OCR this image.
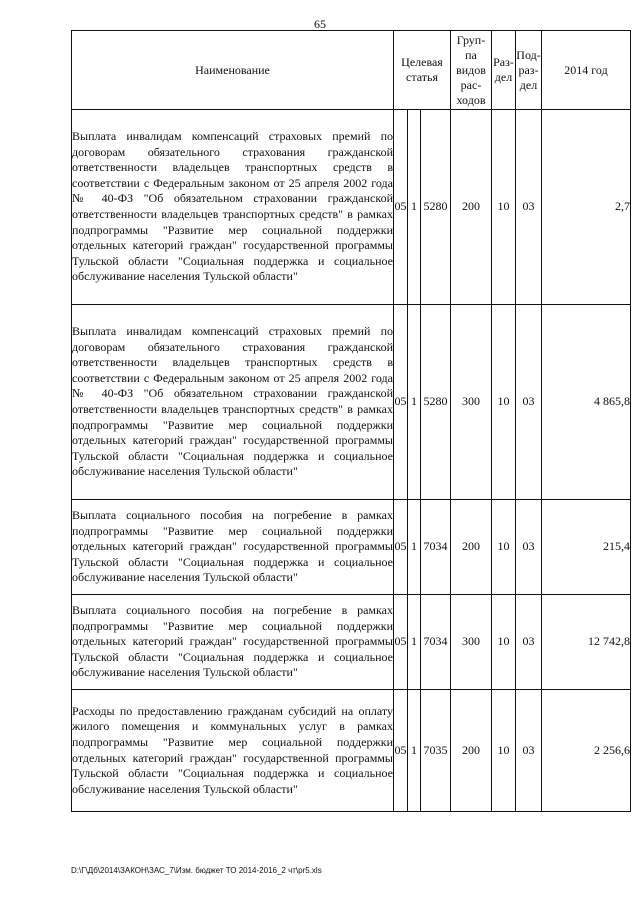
65
Наименование	Целевая статья			Груп-па видов рас-ходов	Раз-дел	Под-раз-дел	2014 год
Выплата инвалидам компенсаций страховых премий по договорам обязательного страхования гражданской ответственности владельцев транспортных средств в соответствии с Федеральным законом от 25 апреля 2002 года № 40-ФЗ "Об обязательном страховании гражданской ответственности владельцев транспортных средств" в рамках подпрограммы "Развитие мер социальной поддержки отдельных категорий граждан" государственной программы Тульской области "Социальная поддержка и социальное обслуживание населения Тульской области"	05	1	5280	200	10	03	2,7
Выплата инвалидам компенсаций страховых премий по договорам обязательного страхования гражданской ответственности владельцев транспортных средств в соответствии с Федеральным законом от 25 апреля 2002 года № 40-ФЗ "Об обязательном страховании гражданской ответственности владельцев транспортных средств" в рамках подпрограммы "Развитие мер социальной поддержки отдельных категорий граждан" государственной программы Тульской области "Социальная поддержка и социальное обслуживание населения Тульской области"	05	1	5280	300	10	03	4 865,8
Выплата социального пособия на погребение в рамках подпрограммы "Развитие мер социальной поддержки отдельных категорий граждан" государственной программы Тульской области "Социальная поддержка и социальное обслуживание населения Тульской области"	05	1	7034	200	10	03	215,4
Выплата социального пособия на погребение в рамках подпрограммы "Развитие мер социальной поддержки отдельных категорий граждан" государственной программы Тульской области "Социальная поддержка и социальное обслуживание населения Тульской области"	05	1	7034	300	10	03	12 742,8
Расходы по предоставлению гражданам субсидий на оплату жилого помещения и коммунальных услуг в рамках подпрограммы "Развитие мер социальной поддержки отдельных категорий граждан" государственной программы Тульской области "Социальная поддержка и социальное обслуживание населения Тульской области"	05	1	7035	200	10	03	2 256,6
D:\Г\Дб\2014\ЗАКОН\ЗАС_7\Изм. бюджет ТО 2014-2016_2 чт\pr5.xls
